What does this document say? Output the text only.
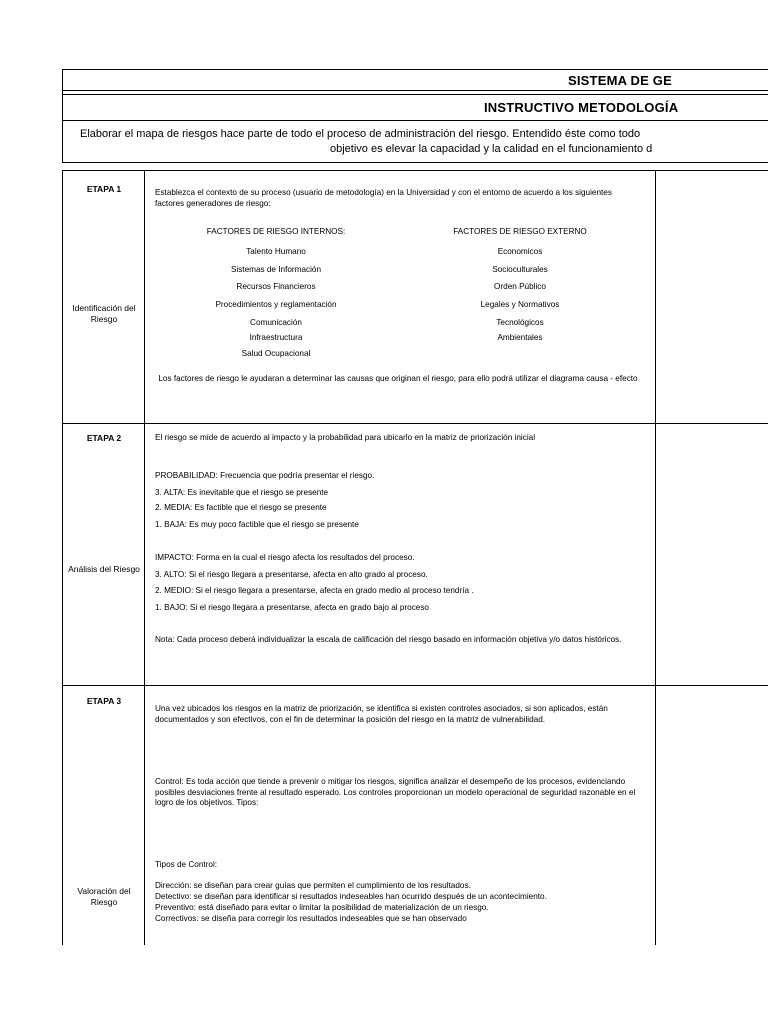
SISTEMA DE GE
INSTRUCTIVO METODOLOGÍA
Elaborar el mapa de riesgos hace parte de todo el proceso de administración del riesgo. Entendido éste como todo
objetivo es elevar la capacidad y la calidad en el funcionamiento d
ETAPA 1
Identificación del Riesgo
Establezca el contexto de su proceso (usuario de metodología) en la Universidad y con el entorno de acuerdo a los siguientes factores generadores de riesgo:
FACTORES DE RIESGO INTERNOS:	FACTORES DE RIESGO EXTERNO
Talento Humano
Sistemas de Información
Recursos Financieros
Procedimientos y reglamentación
Comunicación
Infraestructura
Salud Ocupacional
Economicos
Socioculturales
Orden Público
Legales y Normativos
Tecnológicos
Ambientales
Los factores de riesgo le ayudaran a determinar las causas que originan el riesgo, para ello podrá utilizar el diagrama causa - efecto
ETAPA 2
Análisis del Riesgo
El riesgo se mide de acuerdo al impacto y la probabilidad para ubicarlo en la matriz de priorización inicial
PROBABILIDAD: Frecuencia que podría presentar el riesgo.
3. ALTA: Es inevitable que el riesgo se presente
2. MEDIA: Es factible que el riesgo se presente
1. BAJA: Es muy poco factible que el riesgo se presente
IMPACTO: Forma en la cual el riesgo afecta los resultados del proceso.
3. ALTO: Si el riesgo llegara a presentarse, afecta en alto grado al proceso.
2. MEDIO: Si el riesgo llegara a presentarse, afecta en grado medio al proceso tendría .
1. BAJO: Si el riesgo llegara a presentarse, afecta en grado bajo al proceso
Nota: Cada proceso deberá individualizar la escala de calificación del riesgo basado en información objetiva y/o datos históricos.
ETAPA 3
Valoración del Riesgo
Una vez ubicados los riesgos en la matriz de priorización, se identifica si existen controles asociados, si son aplicados, están documentados y son efectivos, con el fin de determinar la posición del riesgo en la matriz de vulnerabilidad.
Control: Es toda acción que tiende a prevenir o mitigar los riesgos, significa analizar el desempeño de los procesos, evidenciando posibles desviaciones frente al resultado esperado. Los controles proporcionan un modelo operacional de seguridad razonable en el logro de los objetivos. Tipos:
Tipos de Control:
Dirección: se diseñan para crear guías que permiten el cumplimiento de los resultados.
Detectivo: se diseñan para identificar si resultados indeseables han ocurrido después de un acontecimiento.
Preventivo: está diseñado para evitar o limitar la posibilidad de materialización de un riesgo.
Correctivos: se diseña para corregir los resultados indeseables que se han observado
